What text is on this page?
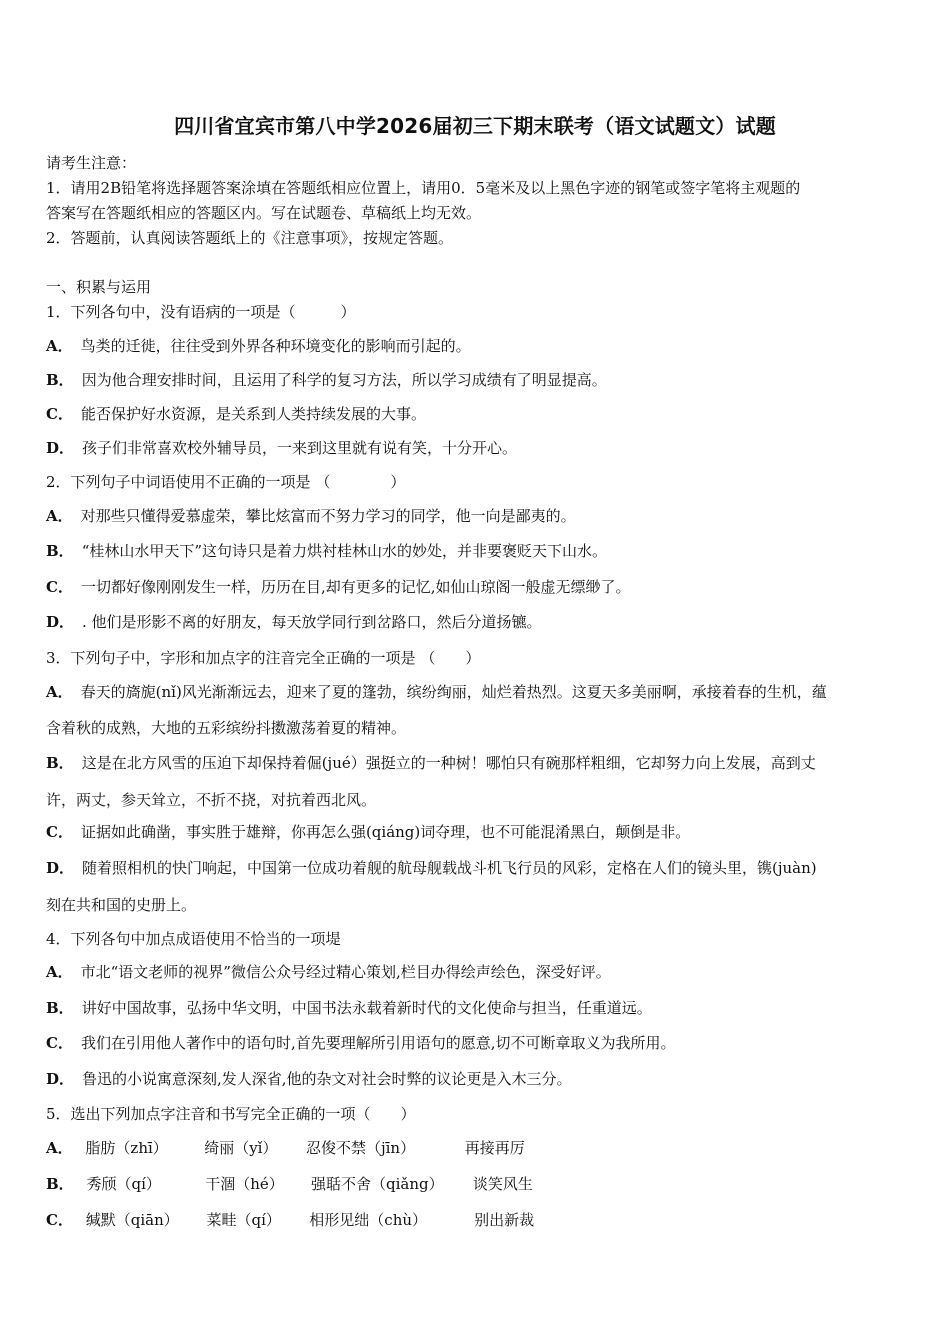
四川省宜宾市第八中学2026届初三下期末联考（语文试题文）试题
请考生注意：
1．请用2B铅笔将选择题答案涂填在答题纸相应位置上，请用0．5毫米及以上黑色字迹的钢笔或签字笔将主观题的
答案写在答题纸相应的答题区内。写在试题卷、草稿纸上均无效。
2．答题前，认真阅读答题纸上的《注意事项》，按规定答题。
一、积累与运用
1．下列各句中，没有语病的一项是（　　　）
A． 鸟类的迁徙，往往受到外界各种环境变化的影响而引起的。
B． 因为他合理安排时间，且运用了科学的复习方法，所以学习成绩有了明显提高。
C． 能否保护好水资源，是关系到人类持续发展的大事。
D． 孩子们非常喜欢校外辅导员，一来到这里就有说有笑，十分开心。
2．下列句子中词语使用不正确的一项是 （　　　　）
A． 对那些只懂得爱慕虚荣，攀比炫富而不努力学习的同学，他一向是鄙夷的。
B． “桂林山水甲天下”这句诗只是着力烘衬桂林山水的妙处，并非要褒贬天下山水。
C． 一切都好像刚刚发生一样，历历在目,却有更多的记忆,如仙山琼阁一般虚无缥缈了。
D． . 他们是形影不离的好朋友，每天放学同行到岔路口，然后分道扬镳。
3．下列句子中，字形和加点字的注音完全正确的一项是 （　　）
A． 春天的旖旎(nǐ)风光渐渐远去，迎来了夏的篷勃，缤纷绚丽，灿烂着热烈。这夏天多美丽啊，承接着春的生机，蕴
含着秋的成熟，大地的五彩缤纷抖擞激荡着夏的精神。
B． 这是在北方风雪的压迫下却保持着倔(jué）强挺立的一种树！哪怕只有碗那样粗细，它却努力向上发展，高到丈
许，两丈，参天耸立，不折不挠，对抗着西北风。
C． 证据如此确凿，事实胜于雄辩，你再怎么强(qiáng)词夺理，也不可能混淆黑白，颠倒是非。
D． 随着照相机的快门响起，中国第一位成功着舰的航母舰载战斗机飞行员的风彩，定格在人们的镜头里，镌(juàn)
刻在共和国的史册上。
4．下列各句中加点成语使用不恰当的一项堤
A． 市北“语文老师的视界”微信公众号经过精心策划,栏目办得绘声绘色，深受好评。
B． 讲好中国故事，弘扬中华文明，中国书法永载着新时代的文化使命与担当，任重道远。
C． 我们在引用他人著作中的语句时,首先要理解所引用语句的愿意,切不可断章取义为我所用。
D． 鲁迅的小说寓意深刻,发人深省,他的杂文对社会时弊的议论更是入木三分。
5．选出下列加点字注音和书写完全正确的一项（　　）
A． 脂肪（zhī） 绮丽（yǐ） 忍俊不禁（jīn）	再接再厉
B． 秀颀（qí）	干涸（hé） 强聒不舍（qiǎng） 谈笑风生
C． 缄默（qiān） 菜畦（qí） 相形见绌（chù）	别出新裁
